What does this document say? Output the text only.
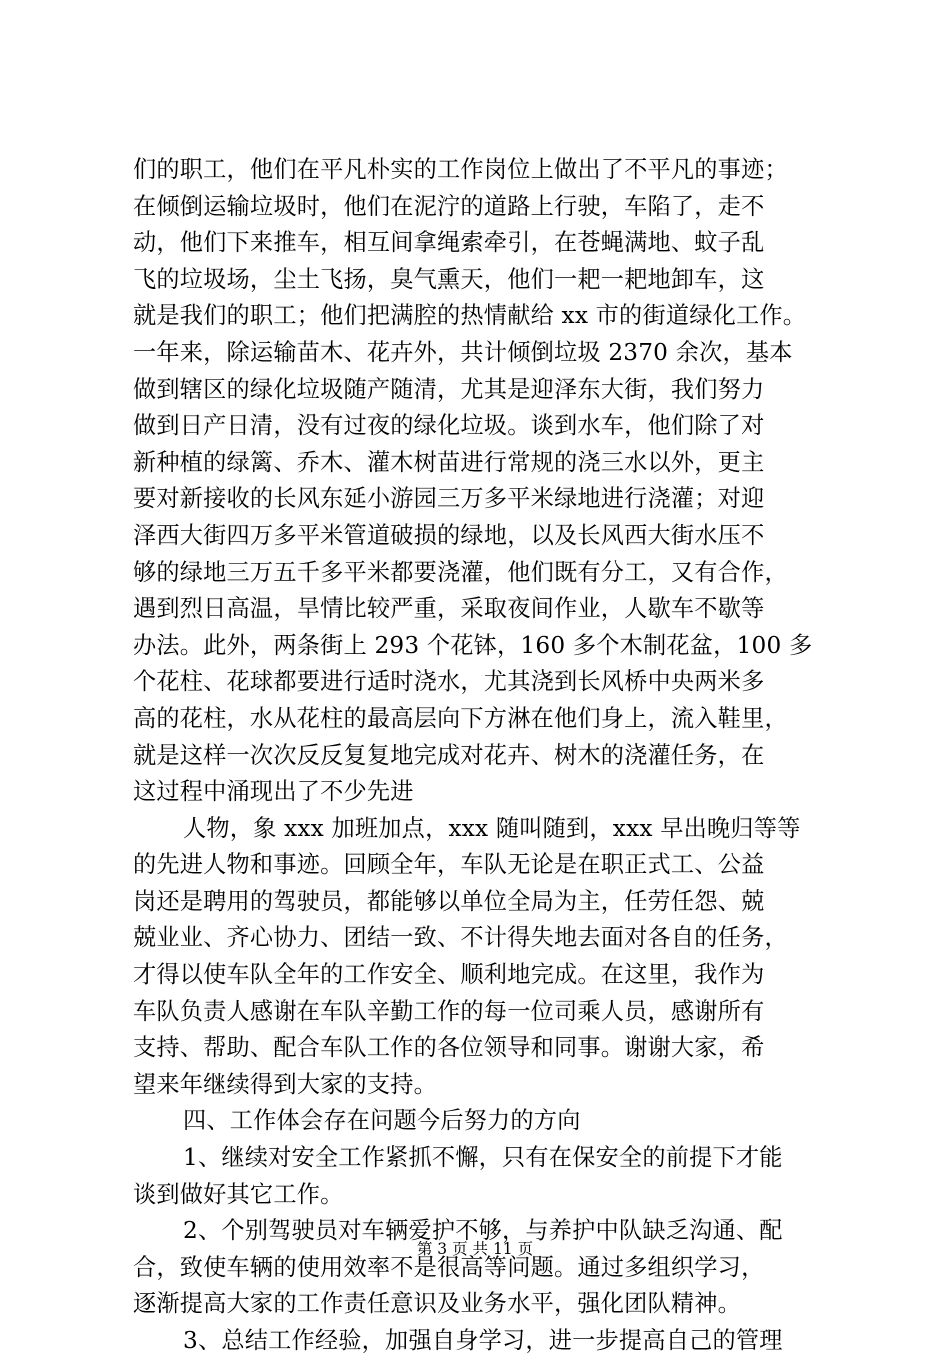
们的职工，他们在平凡朴实的工作岗位上做出了不平凡的事迹；
在倾倒运输垃圾时，他们在泥泞的道路上行驶，车陷了，走不
动，他们下来推车，相互间拿绳索牵引，在苍蝇满地、蚊子乱
飞的垃圾场，尘土飞扬，臭气熏天，他们一耙一耙地卸车，这
就是我们的职工；他们把满腔的热情献给 xx 市的街道绿化工作。
一年来，除运输苗木、花卉外，共计倾倒垃圾 2370 余次，基本
做到辖区的绿化垃圾随产随清，尤其是迎泽东大街，我们努力
做到日产日清，没有过夜的绿化垃圾。谈到水车，他们除了对
新种植的绿篱、乔木、灌木树苗进行常规的浇三水以外，更主
要对新接收的长风东延小游园三万多平米绿地进行浇灌；对迎
泽西大街四万多平米管道破损的绿地，以及长风西大街水压不
够的绿地三万五千多平米都要浇灌，他们既有分工，又有合作，
遇到烈日高温，旱情比较严重，采取夜间作业，人歇车不歇等
办法。此外，两条街上 293 个花钵，160 多个木制花盆，100 多
个花柱、花球都要进行适时浇水，尤其浇到长风桥中央两米多
高的花柱，水从花柱的最高层向下方淋在他们身上，流入鞋里，
就是这样一次次反反复复地完成对花卉、树木的浇灌任务，在
这过程中涌现出了不少先进
人物，象 xxx 加班加点，xxx 随叫随到，xxx 早出晚归等等
的先进人物和事迹。回顾全年，车队无论是在职正式工、公益
岗还是聘用的驾驶员，都能够以单位全局为主，任劳任怨、兢
兢业业、齐心协力、团结一致、不计得失地去面对各自的任务，
才得以使车队全年的工作安全、顺利地完成。在这里，我作为
车队负责人感谢在车队辛勤工作的每一位司乘人员，感谢所有
支持、帮助、配合车队工作的各位领导和同事。谢谢大家，希
望来年继续得到大家的支持。
四、工作体会存在问题今后努力的方向
1、继续对安全工作紧抓不懈，只有在保安全的前提下才能
谈到做好其它工作。
2、个别驾驶员对车辆爱护不够，与养护中队缺乏沟通、配
合，致使车辆的使用效率不是很高等问题。通过多组织学习，
逐渐提高大家的工作责任意识及业务水平，强化团队精神。
3、总结工作经验，加强自身学习，进一步提高自己的管理
第 3 页 共 11 页
